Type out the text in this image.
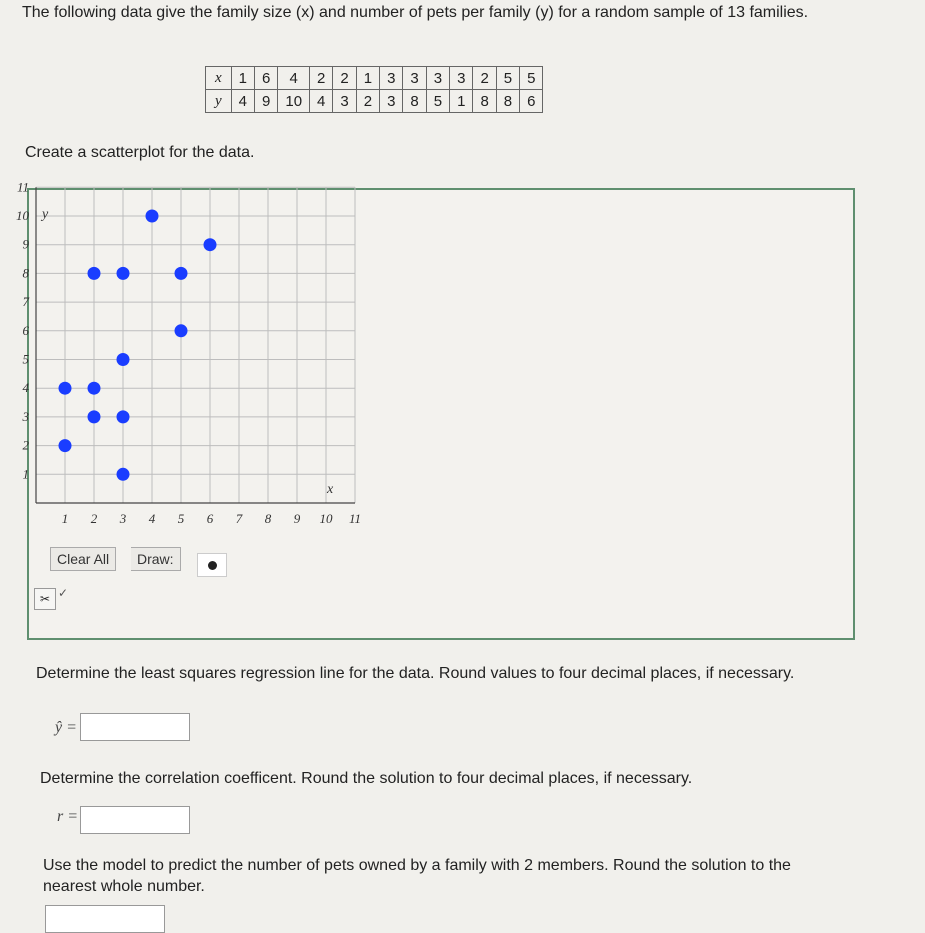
The following data give the family size (x) and number of pets per family (y) for a random sample of 13 families.
x	1	6	4	2	2	1	3	3	3	3	2	5	5
y	4	9	10	4	3	2	3	8	5	1	8	8	6
Create a scatterplot for the data.
1 2 3 4 5 6 7 8 9 10 11
1
2
3
4
5
6
7
8
9
10
11
x
y
Clear All	Draw:
✂ ✓
Determine the least squares regression line for the data. Round values to four decimal places, if necessary.
ŷ =
Determine the correlation coefficent. Round the solution to four decimal places, if necessary.
r =
Use the model to predict the number of pets owned by a family with 2 members. Round the solution to the nearest whole number.
